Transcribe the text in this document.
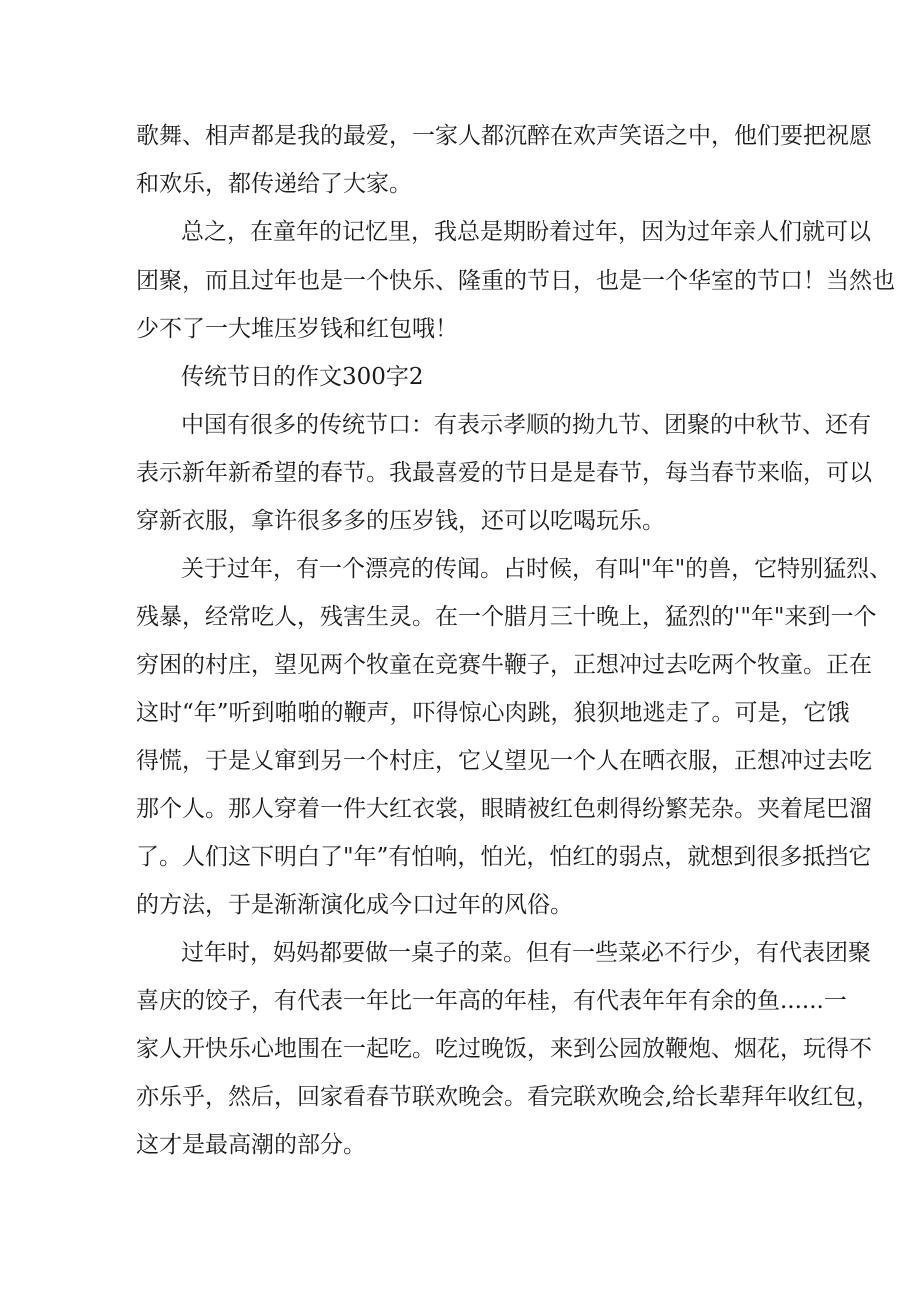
歌舞、相声都是我的最爱，一家人都沉醉在欢声笑语之中，他们要把祝愿
和欢乐，都传递给了大家。
总之，在童年的记忆里，我总是期盼着过年，因为过年亲人们就可以
团聚，而且过年也是一个快乐、隆重的节日，也是一个华室的节口！当然也
少不了一大堆压岁钱和红包哦！
传统节日的作文300字2
中国有很多的传统节口：有表示孝顺的拗九节、团聚的中秋节、还有
表示新年新希望的春节。我最喜爱的节日是是春节，每当春节来临，可以
穿新衣服，拿许很多多的压岁钱，还可以吃喝玩乐。
关于过年，有一个漂亮的传闻。占时候，有叫"年"的兽，它特别猛烈、
残暴，经常吃人，残害生灵。在一个腊月三十晚上，猛烈的'"年"来到一个
穷困的村庄，望见两个牧童在竞赛牛鞭子，正想冲过去吃两个牧童。正在
这时“年”听到啪啪的鞭声，吓得惊心肉跳，狼狈地逃走了。可是，它饿
得慌，于是乂窜到另一个村庄，它乂望见一个人在晒衣服，正想冲过去吃
那个人。那人穿着一件大红衣裳，眼睛被红色刺得纷繁芜杂。夹着尾巴溜
了。人们这下明白了"年”有怕响，怕光，怕红的弱点，就想到很多抵挡它
的方法，于是渐渐演化成今口过年的风俗。
过年时，妈妈都要做一桌子的菜。但有一些菜必不行少，有代表团聚
喜庆的饺子，有代表一年比一年高的年桂，有代表年年有余的鱼......一
家人开快乐心地围在一起吃。吃过晚饭，来到公园放鞭炮、烟花，玩得不
亦乐乎，然后，回家看春节联欢晚会。看完联欢晚会,给长辈拜年收红包，
这才是最高潮的部分。
